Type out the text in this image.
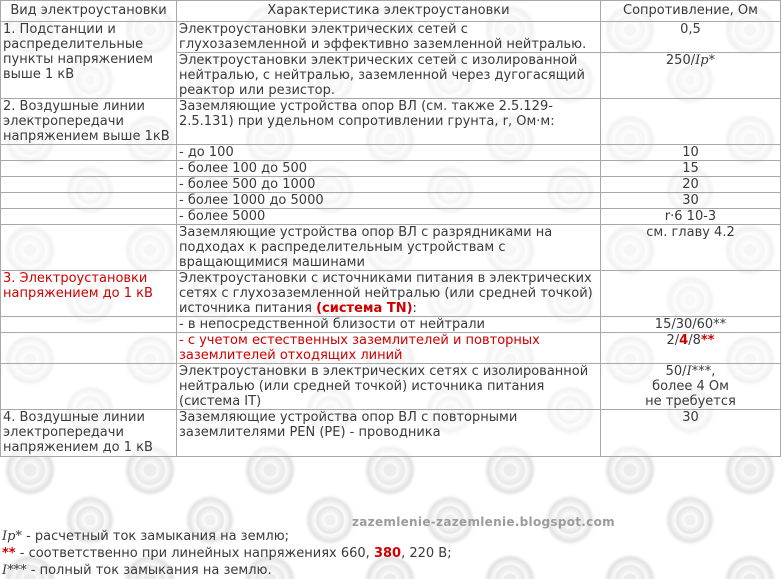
Вид электроустановки	Характеристика электроустановки	Сопротивление, Ом
1. Подстанции и распределительные пункты напряжением выше 1 кВ	Электроустановки электрических сетей с глухозаземленной и эффективно заземленной нейтралью.	0,5
	Электроустановки электрических сетей с изолированной нейтралью, с нейтралью, заземленной через дугогасящий реактор или резистор.	250/Iр*
2. Воздушные линии электропередачи напряжением выше 1кВ	Заземляющие устройства опор ВЛ (см. также 2.5.129-2.5.131) при удельном сопротивлении грунта, r, Ом·м:	
	- до 100	10
	- более 100 до 500	15
	- более 500 до 1000	20
	- более 1000 до 5000	30
	- более 5000	r·6 10-3
	Заземляющие устройства опор ВЛ с разрядниками на подходах к распределительным устройствам с вращающимися машинами	см. главу 4.2
3. Электроустановки напряжением до 1 кВ	Электроустановки с источниками питания в электрических сетях с глухозаземленной нейтралью (или средней точкой) источника питания (система TN):	
	- в непосредственной близости от нейтрали	15/30/60**
	- с учетом естественных заземлителей и повторных заземлителей отходящих линий	2/4/8**
	Электроустановки в электрических сетях с изолированной нейтралью (или средней точкой) источника питания (система IT)	50/I***,
более 4 Ом
не требуется

4. Воздушные линии электропередачи напряжением до 1 кВ	Заземляющие устройства опор ВЛ с повторными заземлителями PEN (PE) - проводника	30
zazemlenie-zazemlenie.blogspot.com
Iр* - расчетный ток замыкания на землю;
** - соответственно при линейных напряжениях 660, 380, 220 В;
I*** - полный ток замыкания на землю.
